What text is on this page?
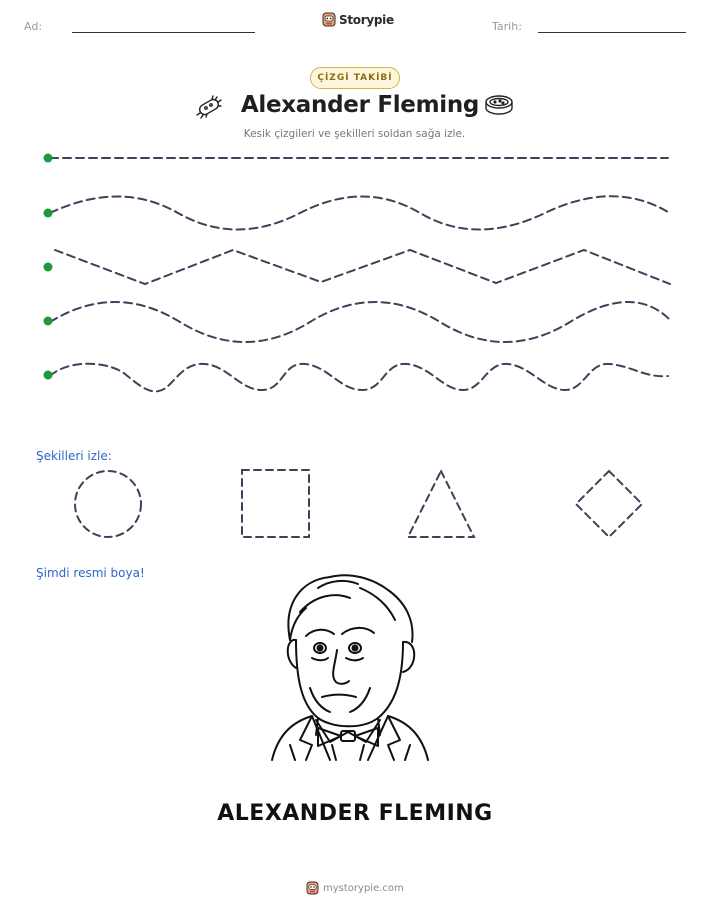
Ad:	Tarih:
Storypie
ÇİZGİ TAKİBİ
Alexander Fleming
Kesik çizgileri ve şekilleri soldan sağa izle.
Şekilleri izle:
Şimdi resmi boya!
ALEXANDER FLEMING
mystorypie.com
